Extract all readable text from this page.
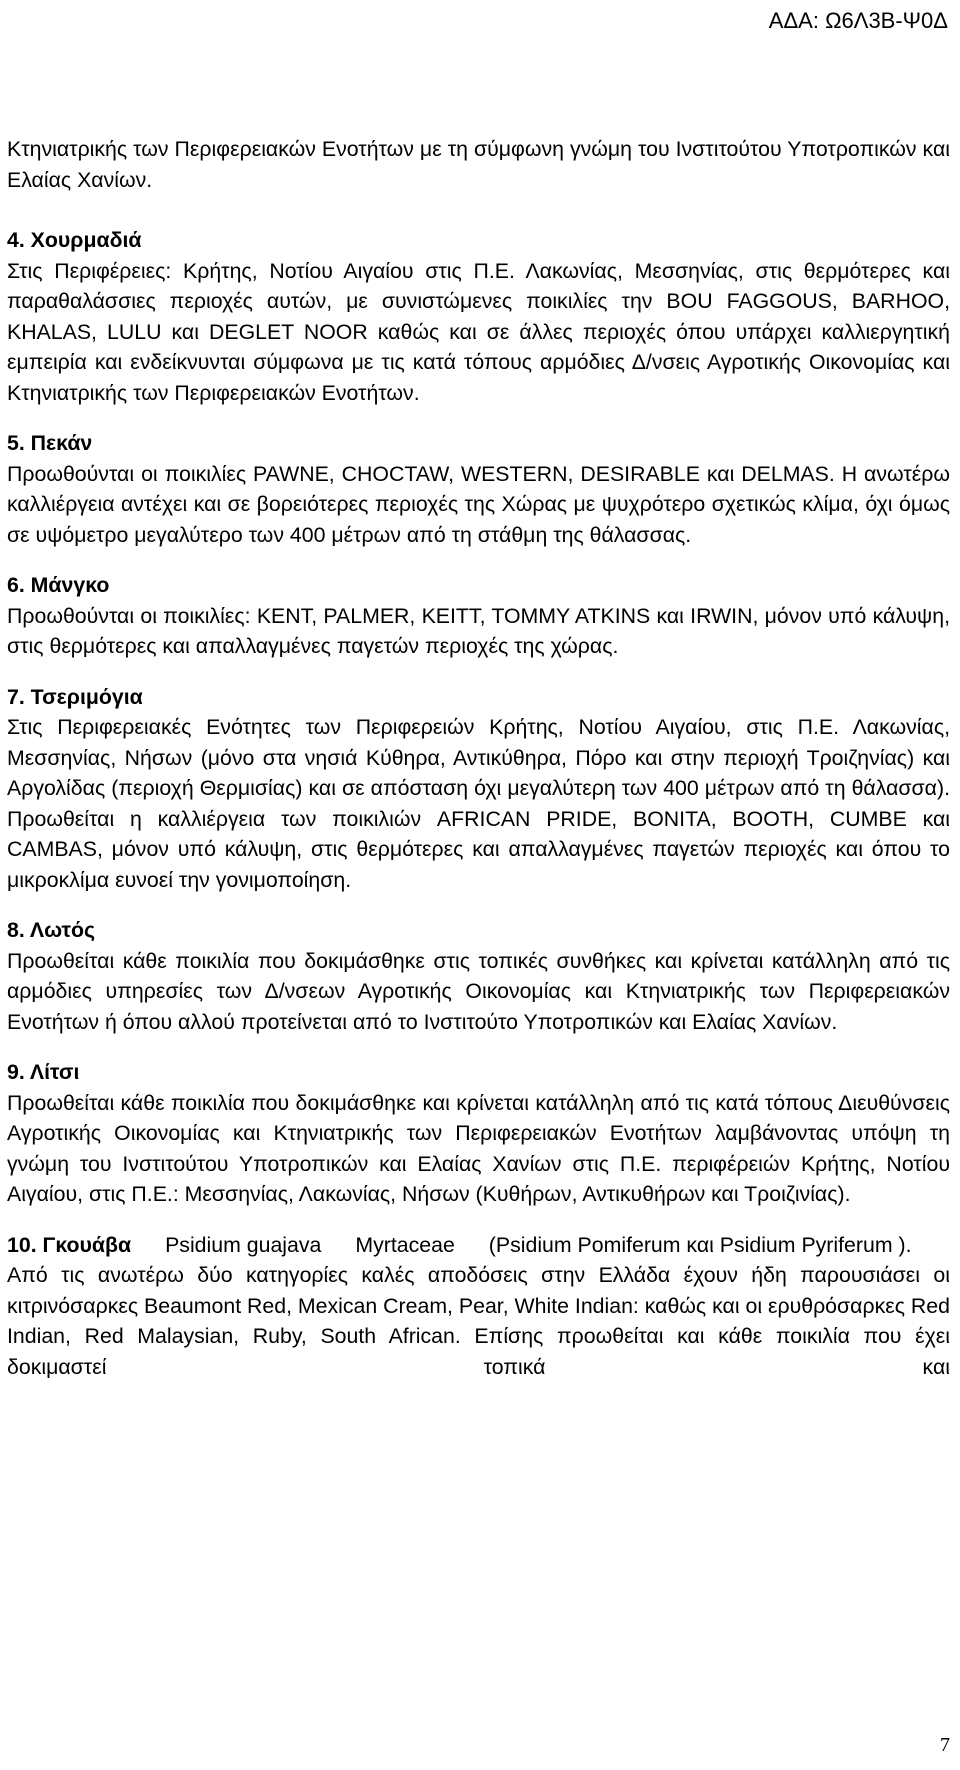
ΑΔΑ: Ω6Λ3Β-Ψ0Δ

Κτηνιατρικής των Περιφερειακών Ενοτήτων με τη σύμφωνη γνώμη του Ινστιτούτου Υποτροπικών και Ελαίας Χανίων.

4. Χουρμαδιά

Στις Περιφέρειες: Κρήτης, Νοτίου Αιγαίου στις Π.Ε. Λακωνίας, Μεσσηνίας, στις θερμότερες και παραθαλάσσιες περιοχές αυτών, με συνιστώμενες ποικιλίες την BOU FAGGOUS, BARHOO, KHALAS, LULU και DEGLET NOOR καθώς και σε άλλες περιοχές όπου υπάρχει καλλιεργητική εμπειρία και ενδείκνυνται σύμφωνα με τις κατά τόπους αρμόδιες Δ/νσεις Αγροτικής Οικονομίας και Κτηνιατρικής των Περιφερειακών Ενοτήτων.

5. Πεκάν

Προωθούνται οι ποικιλίες PAWNE, CHOCTAW, WESTERN, DESIRABLE και DELMAS. Η ανωτέρω καλλιέργεια αντέχει και σε βορειότερες περιοχές της Χώρας με ψυχρότερο σχετικώς κλίμα, όχι όμως σε υψόμετρο μεγαλύτερο των 400 μέτρων από τη στάθμη της θάλασσας.

6. Μάνγκο

Προωθούνται οι ποικιλίες: KENT, PALMER, KEITT, TOMMY ATKINS και IRWIN, μόνον υπό κάλυψη, στις θερμότερες και απαλλαγμένες παγετών περιοχές της χώρας.

7. Τσεριμόγια

Στις Περιφερειακές Ενότητες των Περιφερειών Κρήτης, Νοτίου Αιγαίου, στις Π.Ε. Λακωνίας, Μεσσηνίας, Νήσων (μόνο στα νησιά Κύθηρα, Αντικύθηρα, Πόρο και στην περιοχή Τροιζηνίας) και Αργολίδας (περιοχή Θερμισίας) και σε απόσταση όχι μεγαλύτερη των 400 μέτρων από τη θάλασσα). Προωθείται η καλλιέργεια των ποικιλιών AFRICAN PRIDE, BONITA, BOOTH, CUMBE και CAMBAS, μόνον υπό κάλυψη, στις θερμότερες και απαλλαγμένες παγετών περιοχές και όπου το μικροκλίμα ευνοεί την γονιμοποίηση.

8. Λωτός

Προωθείται κάθε ποικιλία που δοκιμάσθηκε στις τοπικές συνθήκες και κρίνεται κατάλληλη από τις αρμόδιες υπηρεσίες των Δ/νσεων Αγροτικής Οικονομίας και Κτηνιατρικής των Περιφερειακών Ενοτήτων ή όπου αλλού προτείνεται από το Ινστιτούτο Υποτροπικών και Ελαίας Χανίων.

9. Λίτσι

Προωθείται κάθε ποικιλία που δοκιμάσθηκε και κρίνεται κατάλληλη από τις κατά τόπους Διευθύνσεις Αγροτικής Οικονομίας και Κτηνιατρικής των Περιφερειακών Ενοτήτων λαμβάνοντας υπόψη τη γνώμη του Ινστιτούτου Υποτροπικών και Ελαίας Χανίων στις Π.Ε. περιφέρειών Κρήτης, Νοτίου Αιγαίου, στις Π.Ε.: Μεσσηνίας, Λακωνίας, Νήσων (Κυθήρων, Αντικυθήρων και Τροιζινίας).

10. Γκουάβα Psidium guajava Myrtaceae (Psidium Pomiferum και Psidium Pyriferum ).

Από τις ανωτέρω δύο κατηγορίες καλές αποδόσεις στην Ελλάδα έχουν ήδη παρουσιάσει οι κιτρινόσαρκες Beaumont Red, Mexican Cream, Pear, White Indian: καθώς και οι ερυθρόσαρκες Red Indian, Red Malaysian, Ruby, South African. Επίσης προωθείται και κάθε ποικιλία που έχει δοκιμαστεί τοπικά και

7
